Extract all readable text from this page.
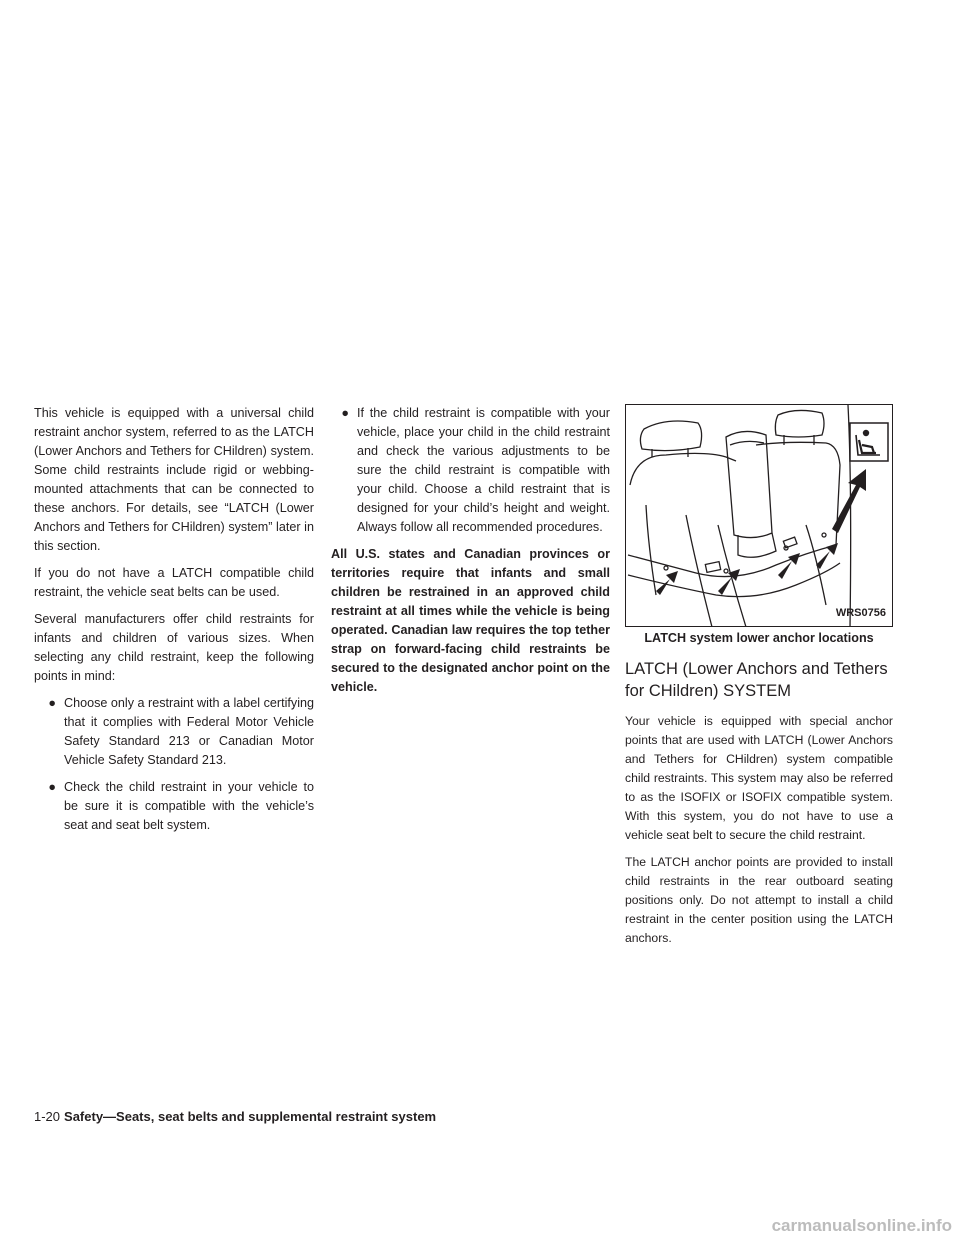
This vehicle is equipped with a universal child restraint anchor system, referred to as the LATCH (Lower Anchors and Tethers for CHildren) system. Some child restraints include rigid or webbing-mounted attachments that can be connected to these anchors. For details, see “LATCH (Lower Anchors and Tethers for CHildren) system” later in this section.

If you do not have a LATCH compatible child restraint, the vehicle seat belts can be used.

Several manufacturers offer child restraints for infants and children of various sizes. When selecting any child restraint, keep the following points in mind:

● Choose only a restraint with a label certifying that it complies with Federal Motor Vehicle Safety Standard 213 or Canadian Motor Vehicle Safety Standard 213.
● Check the child restraint in your vehicle to be sure it is compatible with the vehicle’s seat and seat belt system.
● If the child restraint is compatible with your vehicle, place your child in the child restraint and check the various adjustments to be sure the child restraint is compatible with your child. Choose a child restraint that is designed for your child’s height and weight. Always follow all recommended procedures.

All U.S. states and Canadian provinces or territories require that infants and small children be restrained in an approved child restraint at all times while the vehicle is being operated. Canadian law requires the top tether strap on forward-facing child restraints be secured to the designated anchor point on the vehicle.

WRS0756
LATCH system lower anchor locations
LATCH (Lower Anchors and Tethers for CHildren) SYSTEM

Your vehicle is equipped with special anchor points that are used with LATCH (Lower Anchors and Tethers for CHildren) system compatible child restraints. This system may also be referred to as the ISOFIX or ISOFIX compatible system. With this system, you do not have to use a vehicle seat belt to secure the child restraint.

The LATCH anchor points are provided to install child restraints in the rear outboard seating positions only. Do not attempt to install a child restraint in the center position using the LATCH anchors.

1-20 Safety—Seats, seat belts and supplemental restraint system
carmanualsonline.info
